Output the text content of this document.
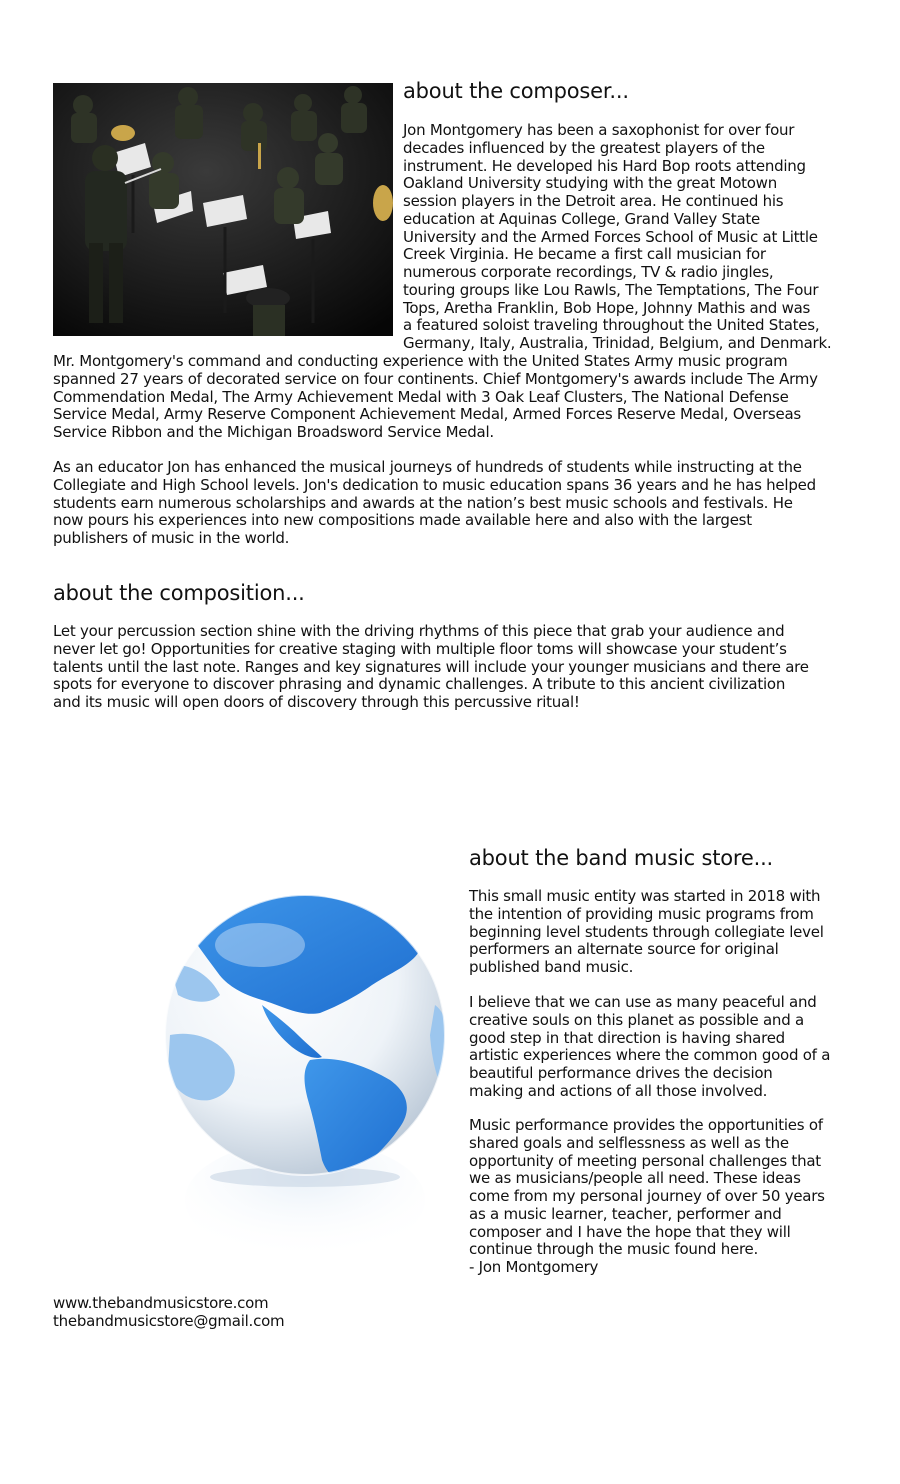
about the composer...
Jon Montgomery has been a saxophonist for over four
decades influenced by the greatest players of the
instrument. He developed his Hard Bop roots attending
Oakland University studying with the great Motown
session players in the Detroit area. He continued his
education at Aquinas College, Grand Valley State
University and the Armed Forces School of Music at Little
Creek Virginia. He became a first call musician for
numerous corporate recordings, TV & radio jingles,
touring groups like Lou Rawls, The Temptations, The Four
Tops, Aretha Franklin, Bob Hope, Johnny Mathis and was
a featured soloist traveling throughout the United States,
Germany, Italy, Australia, Trinidad, Belgium, and Denmark.
Mr. Montgomery's command and conducting experience with the United States Army music program
spanned 27 years of decorated service on four continents. Chief Montgomery's awards include The Army
Commendation Medal, The Army Achievement Medal with 3 Oak Leaf Clusters, The National Defense
Service Medal, Army Reserve Component Achievement Medal, Armed Forces Reserve Medal, Overseas
Service Ribbon and the Michigan Broadsword Service Medal.
As an educator Jon has enhanced the musical journeys of hundreds of students while instructing at the
Collegiate and High School levels. Jon's dedication to music education spans 36 years and he has helped
students earn numerous scholarships and awards at the nation’s best music schools and festivals. He
now pours his experiences into new compositions made available here and also with the largest
publishers of music in the world.
about the composition...
Let your percussion section shine with the driving rhythms of this piece that grab your audience and
never let go! Opportunities for creative staging with multiple floor toms will showcase your student’s
talents until the last note. Ranges and key signatures will include your younger musicians and there are
spots for everyone to discover phrasing and dynamic challenges. A tribute to this ancient civilization
and its music will open doors of discovery through this percussive ritual!
about the band music store...
This small music entity was started in 2018 with
the intention of providing music programs from
beginning level students through collegiate level
performers an alternate source for original
published band music.
I believe that we can use as many peaceful and
creative souls on this planet as possible and a
good step in that direction is having shared
artistic experiences where the common good of a
beautiful performance drives the decision
making and actions of all those involved.
Music performance provides the opportunities of
shared goals and selflessness as well as the
opportunity of meeting personal challenges that
we as musicians/people all need. These ideas
come from my personal journey of over 50 years
as a music learner, teacher, performer and
composer and I have the hope that they will
continue through the music found here.
- Jon Montgomery

www.thebandmusicstore.com

thebandmusicstore@gmail.com
